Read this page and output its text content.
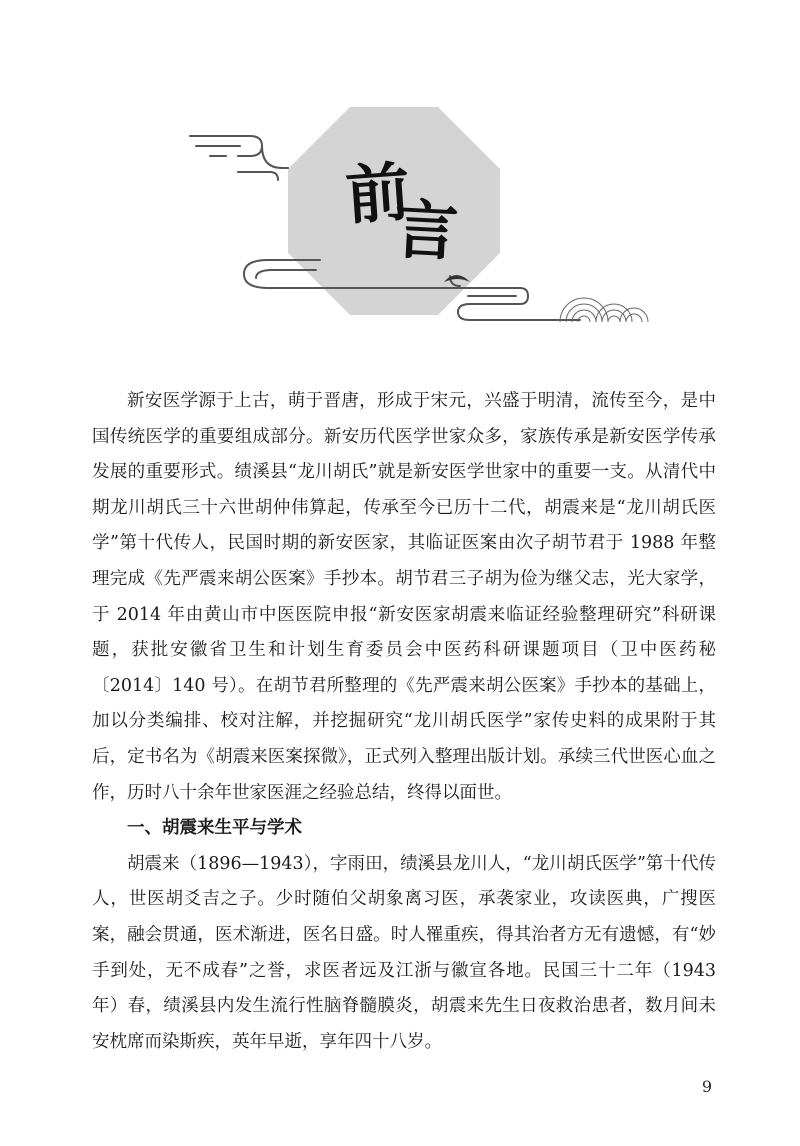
前
言

新安医学源于上古，萌于晋唐，形成于宋元，兴盛于明清，流传至今，是中国传统医学的重要组成部分。新安历代医学世家众多，家族传承是新安医学传承发展的重要形式。绩溪县“龙川胡氏”就是新安医学世家中的重要一支。从清代中期龙川胡氏三十六世胡仲伟算起，传承至今已历十二代，胡震来是“龙川胡氏医学”第十代传人，民国时期的新安医家，其临证医案由次子胡节君于 1988 年整理完成《先严震来胡公医案》手抄本。胡节君三子胡为俭为继父志，光大家学，于 2014 年由黄山市中医医院申报“新安医家胡震来临证经验整理研究”科研课题，获批安徽省卫生和计划生育委员会中医药科研课题项目（卫中医药秘〔2014〕140 号）。在胡节君所整理的《先严震来胡公医案》手抄本的基础上，加以分类编排、校对注解，并挖掘研究“龙川胡氏医学”家传史料的成果附于其后，定书名为《胡震来医案探微》，正式列入整理出版计划。承续三代世医心血之作，历时八十余年世家医涯之经验总结，终得以面世。

一、胡震来生平与学术

胡震来（1896—1943），字雨田，绩溪县龙川人，“龙川胡氏医学”第十代传人，世医胡爻吉之子。少时随伯父胡象离习医，承袭家业，攻读医典，广搜医案，融会贯通，医术渐进，医名日盛。时人罹重疾，得其治者方无有遗憾，有“妙手到处，无不成春”之誉，求医者远及江浙与徽宣各地。民国三十二年（1943 年）春，绩溪县内发生流行性脑脊髓膜炎，胡震来先生日夜救治患者，数月间未安枕席而染斯疾，英年早逝，享年四十八岁。

9
